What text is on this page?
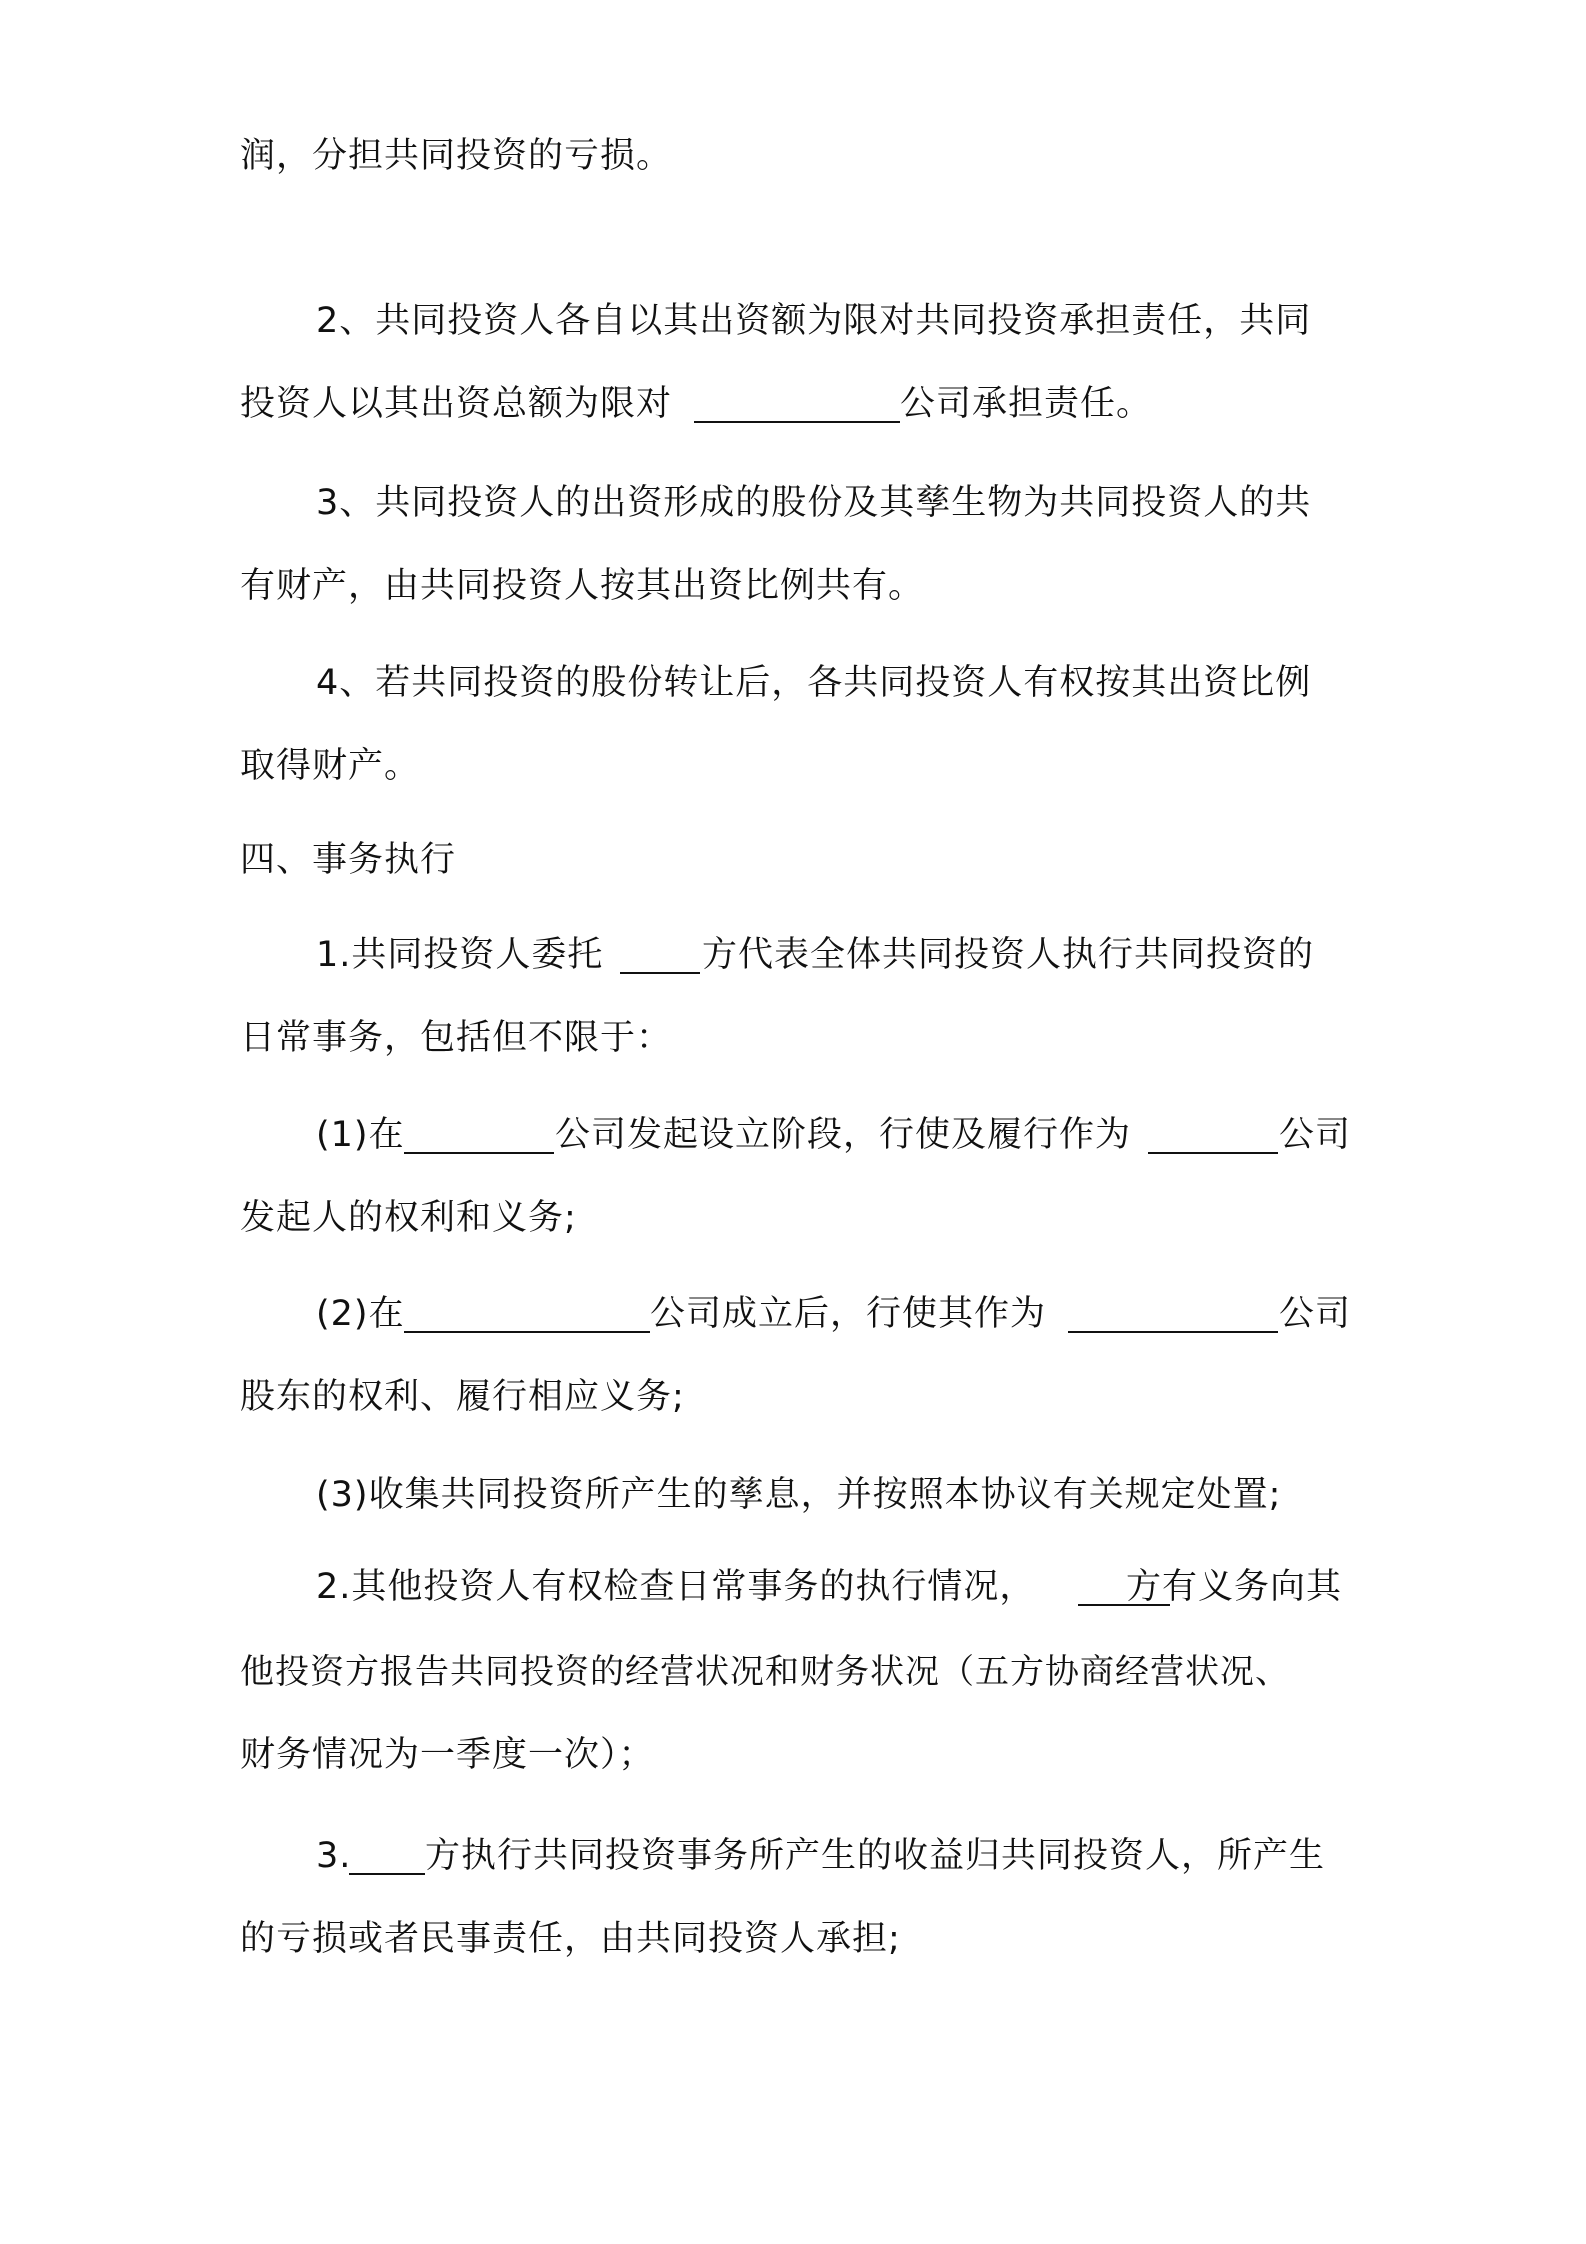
润，分担共同投资的亏损。
2、共同投资人各自以其出资额为限对共同投资承担责任，共同
投资人以其出资总额为限对	公司承担责任。
3、共同投资人的出资形成的股份及其孳生物为共同投资人的共
有财产，由共同投资人按其出资比例共有。
4、若共同投资的股份转让后，各共同投资人有权按其出资比例
取得财产。
四、事务执行
1.共同投资人委托	方代表全体共同投资人执行共同投资的
日常事务，包括但不限于：
(1)在	公司发起设立阶段，行使及履行作为	公司
发起人的权利和义务;
(2)在	公司成立后，行使其作为	公司
股东的权利、履行相应义务;
(3)收集共同投资所产生的孳息，并按照本协议有关规定处置;
2.其他投资人有权检查日常事务的执行情况，	方有义务向其
他投资方报告共同投资的经营状况和财务状况（五方协商经营状况、
财务情况为一季度一次）；
3. 方执行共同投资事务所产生的收益归共同投资人，所产生
的亏损或者民事责任，由共同投资人承担;
